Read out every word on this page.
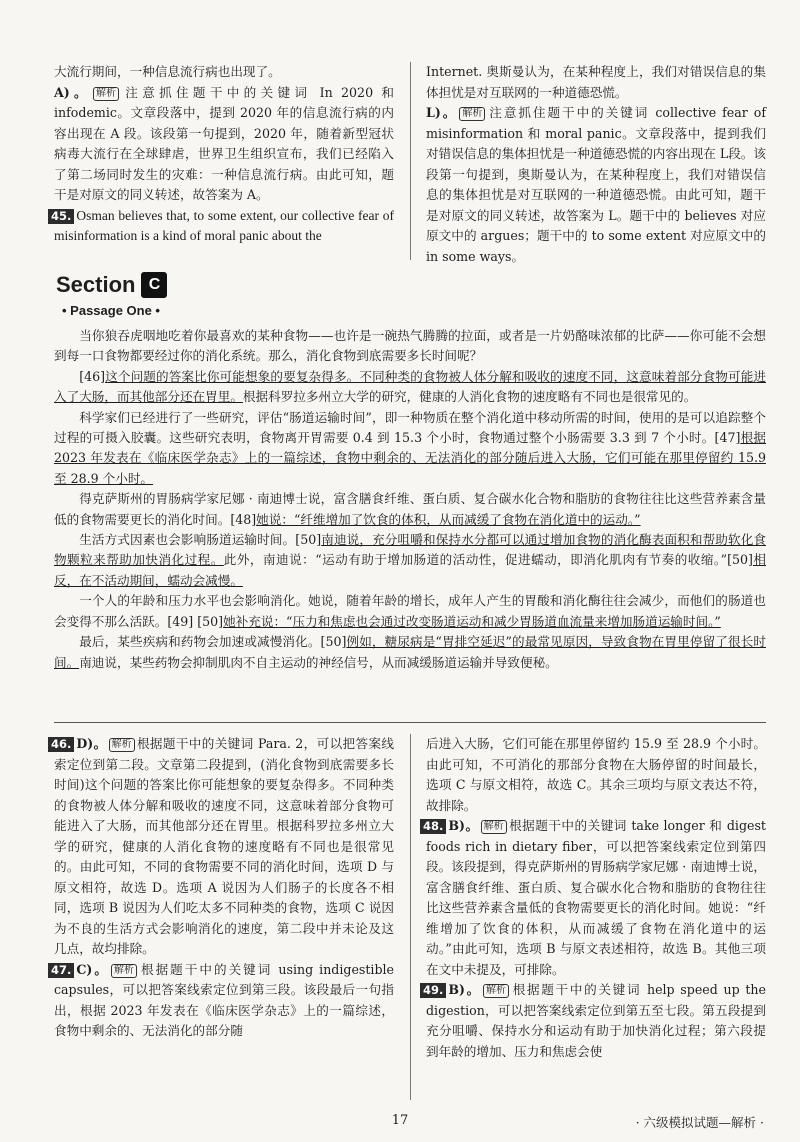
大流行期间，一种信息流行病也出现了。

A)。 解析 注意抓住题干中的关键词 In 2020 和 infodemic。文章段落中，提到 2020 年的信息流行病的内容出现在 A 段。该段第一句提到，2020 年，随着新型冠状病毒大流行在全球肆虐，世界卫生组织宣布，我们已经陷入了第二场同时发生的灾难：一种信息流行病。由此可知，题干是对原文的同义转述，故答案为 A。

45. Osman believes that, to some extent, our collective fear of misinformation is a kind of moral panic about the

Internet. 奥斯曼认为，在某种程度上，我们对错误信息的集体担忧是对互联网的一种道德恐慌。

L)。 解析 注意抓住题干中的关键词 collective fear of misinformation 和 moral panic。文章段落中，提到我们对错误信息的集体担忧是一种道德恐慌的内容出现在 L段。该段第一句提到，奥斯曼认为，在某种程度上，我们对错误信息的集体担忧是对互联网的一种道德恐慌。由此可知，题干是对原文的同义转述，故答案为 L。题干中的 believes 对应原文中的 argues；题干中的 to some extent 对应原文中的 in some ways。

Section C
• Passage One •

当你狼吞虎咽地吃着你最喜欢的某种食物——也许是一碗热气腾腾的拉面，或者是一片奶酪味浓郁的比萨——你可能不会想到每一口食物都要经过你的消化系统。那么，消化食物到底需要多长时间呢？

[46]这个问题的答案比你可能想象的要复杂得多。不同种类的食物被人体分解和吸收的速度不同，这意味着部分食物可能进入了大肠，而其他部分还在胃里。根据科罗拉多州立大学的研究，健康的人消化食物的速度略有不同也是很常见的。

科学家们已经进行了一些研究，评估“肠道运输时间”，即一种物质在整个消化道中移动所需的时间，使用的是可以追踪整个过程的可摄入胶囊。这些研究表明，食物离开胃需要 0.4 到 15.3 个小时，食物通过整个小肠需要 3.3 到 7 个小时。[47]根据 2023 年发表在《临床医学杂志》上的一篇综述，食物中剩余的、无法消化的部分随后进入大肠，它们可能在那里停留约 15.9 至 28.9 个小时。

得克萨斯州的胃肠病学家尼娜 · 南迪博士说，富含膳食纤维、蛋白质、复合碳水化合物和脂肪的食物往往比这些营养素含量低的食物需要更长的消化时间。[48]她说：“纤维增加了饮食的体积，从而减缓了食物在消化道中的运动。”

生活方式因素也会影响肠道运输时间。[50]南迪说，充分咀嚼和保持水分都可以通过增加食物的消化酶表面积和帮助软化食物颗粒来帮助加快消化过程。此外，南迪说：“运动有助于增加肠道的活动性，促进蠕动，即消化肌肉有节奏的收缩。”[50]相反，在不活动期间，蠕动会减慢。

一个人的年龄和压力水平也会影响消化。她说，随着年龄的增长，成年人产生的胃酸和消化酶往往会减少，而他们的肠道也会变得不那么活跃。[49] [50]她补充说：“压力和焦虑也会通过改变肠道运动和减少胃肠道血流量来增加肠道运输时间。”

最后，某些疾病和药物会加速或减慢消化。[50]例如，糖尿病是“胃排空延迟”的最常见原因，导致食物在胃里停留了很长时间。南迪说，某些药物会抑制肌肉不自主运动的神经信号，从而减缓肠道运输并导致便秘。

46. D)。 解析 根据题干中的关键词 Para. 2，可以把答案线索定位到第二段。文章第二段提到，(消化食物到底需要多长时间)这个问题的答案比你可能想象的要复杂得多。不同种类的食物被人体分解和吸收的速度不同，这意味着部分食物可能进入了大肠，而其他部分还在胃里。根据科罗拉多州立大学的研究，健康的人消化食物的速度略有不同也是很常见的。由此可知，不同的食物需要不同的消化时间，选项 D 与原文相符，故选 D。选项 A 说因为人们肠子的长度各不相同，选项 B 说因为人们吃太多不同种类的食物，选项 C 说因为不良的生活方式会影响消化的速度，第二段中并未论及这几点，故均排除。

47. C)。 解析 根据题干中的关键词 using indigestible capsules，可以把答案线索定位到第三段。该段最后一句指出，根据 2023 年发表在《临床医学杂志》上的一篇综述，食物中剩余的、无法消化的部分随

后进入大肠，它们可能在那里停留约 15.9 至 28.9 个小时。由此可知，不可消化的那部分食物在大肠停留的时间最长，选项 C 与原文相符，故选 C。其余三项均与原文表达不符，故排除。

48. B)。 解析 根据题干中的关键词 take longer 和 digest foods rich in dietary fiber，可以把答案线索定位到第四段。该段提到，得克萨斯州的胃肠病学家尼娜 · 南迪博士说，富含膳食纤维、蛋白质、复合碳水化合物和脂肪的食物往往比这些营养素含量低的食物需要更长的消化时间。她说：“纤维增加了饮食的体积，从而减缓了食物在消化道中的运动。”由此可知，选项 B 与原文表述相符，故选 B。其他三项在文中未提及，可排除。

49. B)。 解析 根据题干中的关键词 help speed up the digestion，可以把答案线索定位到第五至七段。第五段提到充分咀嚼、保持水分和运动有助于加快消化过程；第六段提到年龄的增加、压力和焦虑会使

17	· 六级模拟试题—解析 ·
